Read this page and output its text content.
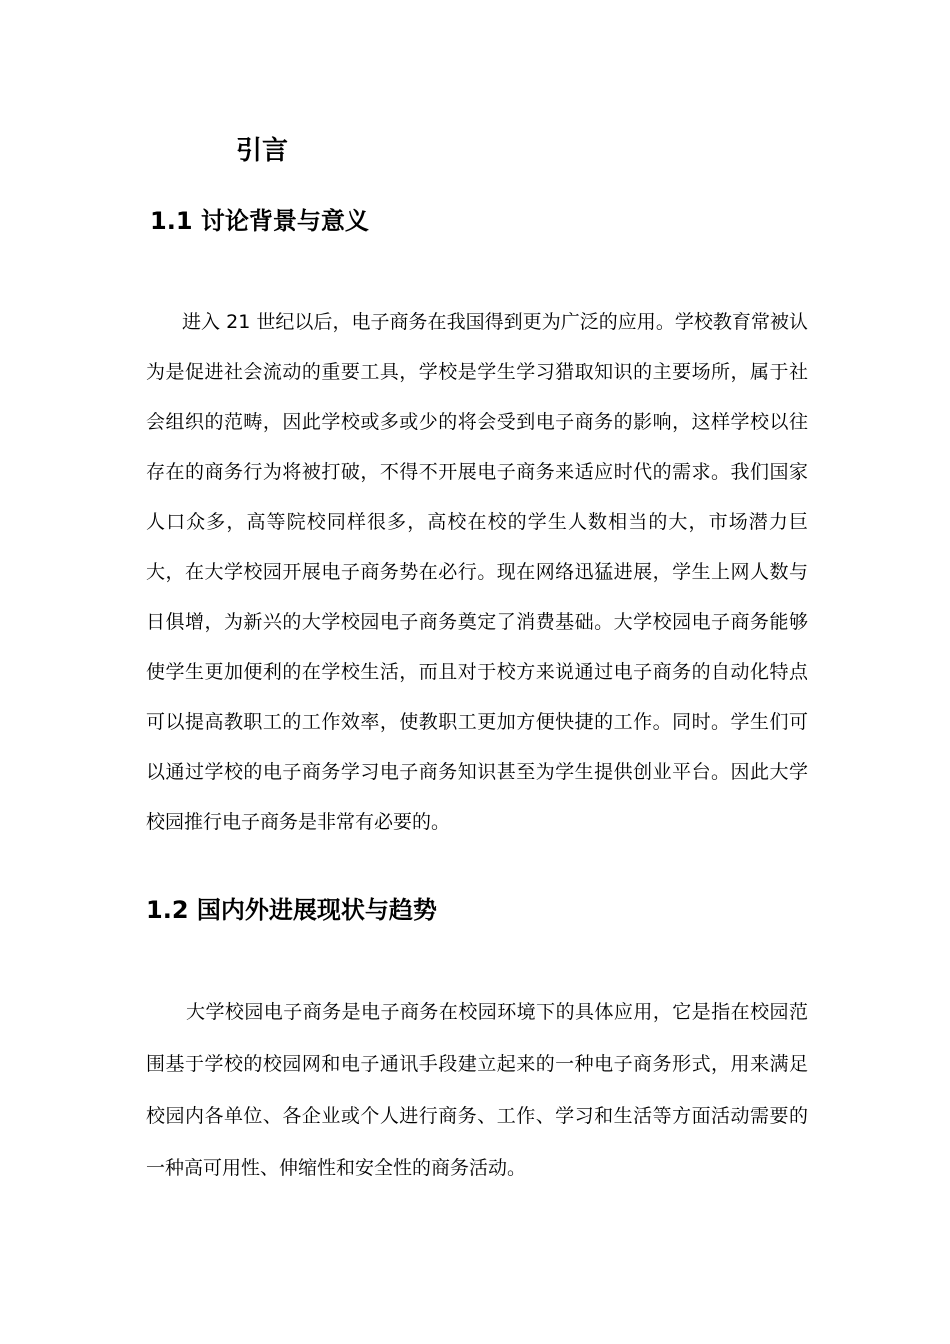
引言
1.1 讨论背景与意义

进入 21 世纪以后，电子商务在我国得到更为广泛的应用。学校教育常被认为是促进社会流动的重要工具，学校是学生学习猎取知识的主要场所，属于社会组织的范畴，因此学校或多或少的将会受到电子商务的影响，这样学校以往存在的商务行为将被打破，不得不开展电子商务来适应时代的需求。我们国家人口众多，高等院校同样很多，高校在校的学生人数相当的大，市场潜力巨大，在大学校园开展电子商务势在必行。现在网络迅猛进展，学生上网人数与日俱增，为新兴的大学校园电子商务奠定了消费基础。大学校园电子商务能够使学生更加便利的在学校生活，而且对于校方来说通过电子商务的自动化特点可以提高教职工的工作效率，使教职工更加方便快捷的工作。同时。学生们可以通过学校的电子商务学习电子商务知识甚至为学生提供创业平台。因此大学校园推行电子商务是非常有必要的。

1.2 国内外进展现状与趋势

大学校园电子商务是电子商务在校园环境下的具体应用，它是指在校园范围基于学校的校园网和电子通讯手段建立起来的一种电子商务形式，用来满足校园内各单位、各企业或个人进行商务、工作、学习和生活等方面活动需要的一种高可用性、伸缩性和安全性的商务活动。
